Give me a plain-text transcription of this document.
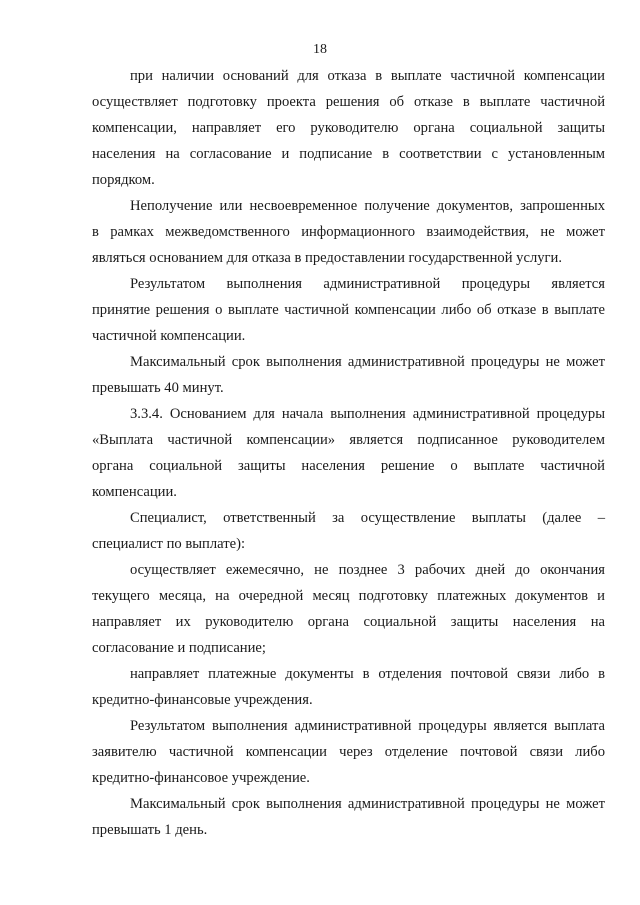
18
при наличии оснований для отказа в выплате частичной компенсации
осуществляет подготовку проекта решения об отказе в выплате частичной
компенсации, направляет его руководителю органа социальной защиты
населения на согласование и подписание в соответствии с установленным
порядком.
Неполучение или несвоевременное получение документов, запрошенных
в рамках межведомственного информационного взаимодействия, не может
являться основанием для отказа в предоставлении государственной услуги.
Результатом выполнения административной процедуры является
принятие решения о выплате частичной компенсации либо об отказе в выплате
частичной компенсации.
Максимальный срок выполнения административной процедуры не может
превышать 40 минут.
3.3.4. Основанием для начала выполнения административной процедуры
«Выплата частичной компенсации» является подписанное руководителем
органа социальной защиты населения решение о выплате частичной
компенсации.
Специалист, ответственный за осуществление выплаты (далее –
специалист по выплате):
осуществляет ежемесячно, не позднее 3 рабочих дней до окончания
текущего месяца, на очередной месяц подготовку платежных документов и
направляет их руководителю органа социальной защиты населения на
согласование и подписание;
направляет платежные документы в отделения почтовой связи либо в
кредитно-финансовые учреждения.
Результатом выполнения административной процедуры является выплата
заявителю частичной компенсации через отделение почтовой связи либо
кредитно-финансовое учреждение.
Максимальный срок выполнения административной процедуры не может
превышать 1 день.
